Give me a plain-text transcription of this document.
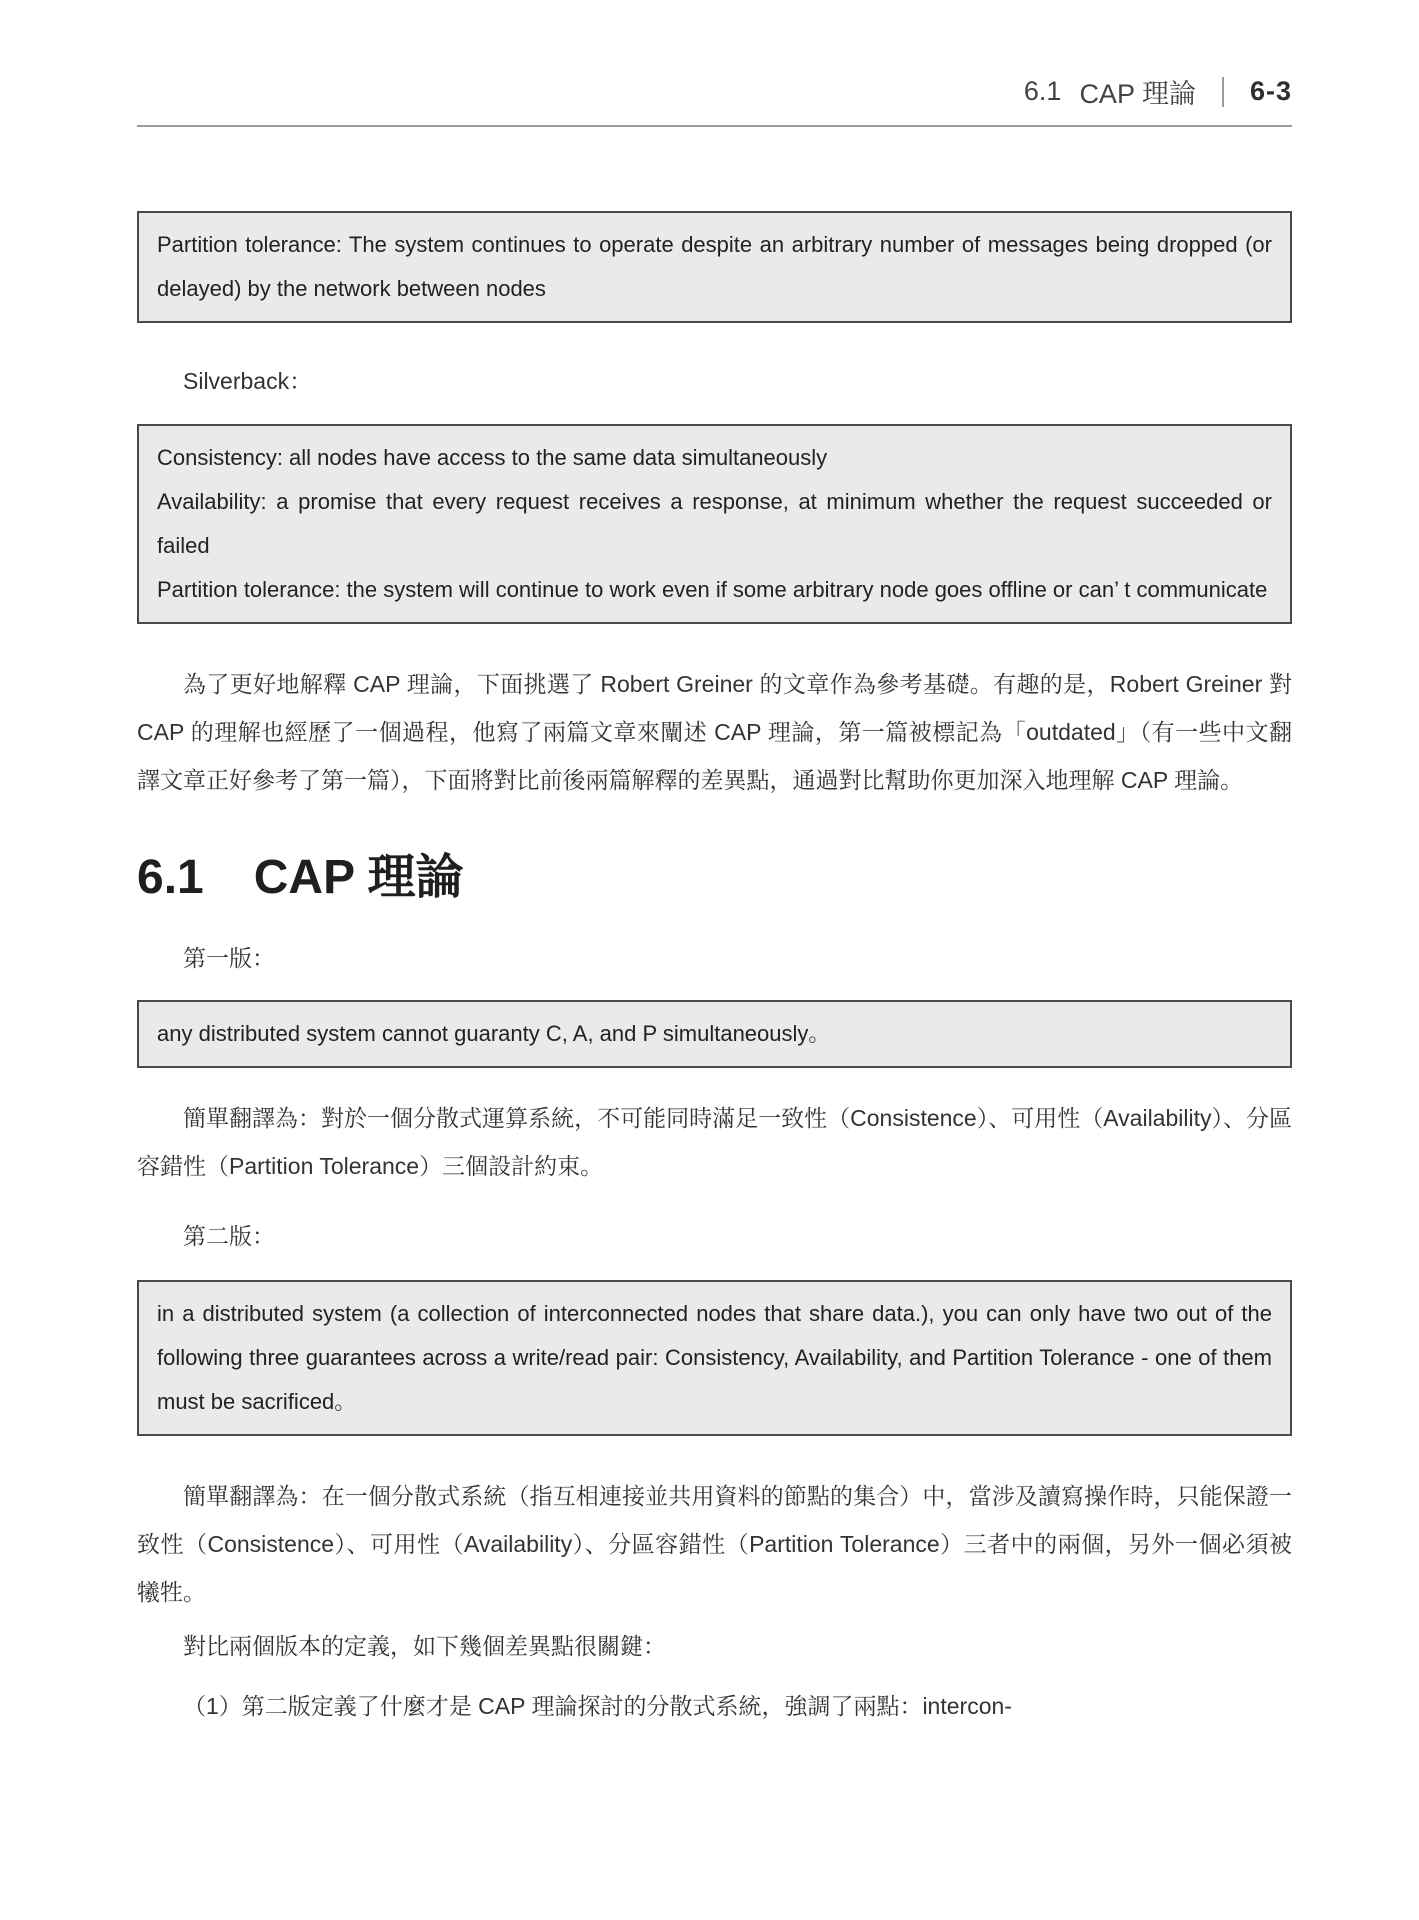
6.1 CAP 理論 6-3

Partition tolerance: The system continues to operate despite an arbitrary number of messages being dropped (or delayed) by the network between nodes

Silverback：

Consistency: all nodes have access to the same data simultaneously

Availability: a promise that every request receives a response, at minimum whether the request succeeded or failed

Partition tolerance: the system will continue to work even if some arbitrary node goes offline or can’ t communicate

為了更好地解釋 CAP 理論，下面挑選了 Robert Greiner 的文章作為參考基礎。有趣的是，Robert Greiner 對 CAP 的理解也經歷了一個過程，他寫了兩篇文章來闡述 CAP 理論，第一篇被標記為「outdated」（有一些中文翻譯文章正好參考了第一篇），下面將對比前後兩篇解釋的差異點，通過對比幫助你更加深入地理解 CAP 理論。

6.1 CAP 理論

第一版：

any distributed system cannot guaranty C, A, and P simultaneously。

簡單翻譯為：對於一個分散式運算系統，不可能同時滿足一致性（Consistence）、可用性（Availability）、分區容錯性（Partition Tolerance）三個設計約束。

第二版：

in a distributed system (a collection of interconnected nodes that share data.), you can only have two out of the following three guarantees across a write/read pair: Consistency, Availability, and Partition Tolerance - one of them must be sacrificed。

簡單翻譯為：在一個分散式系統（指互相連接並共用資料的節點的集合）中，當涉及讀寫操作時，只能保證一致性（Consistence）、可用性（Availability）、分區容錯性（Partition Tolerance）三者中的兩個，另外一個必須被犧牲。

對比兩個版本的定義，如下幾個差異點很關鍵：

（1）第二版定義了什麼才是 CAP 理論探討的分散式系統，強調了兩點：intercon-
